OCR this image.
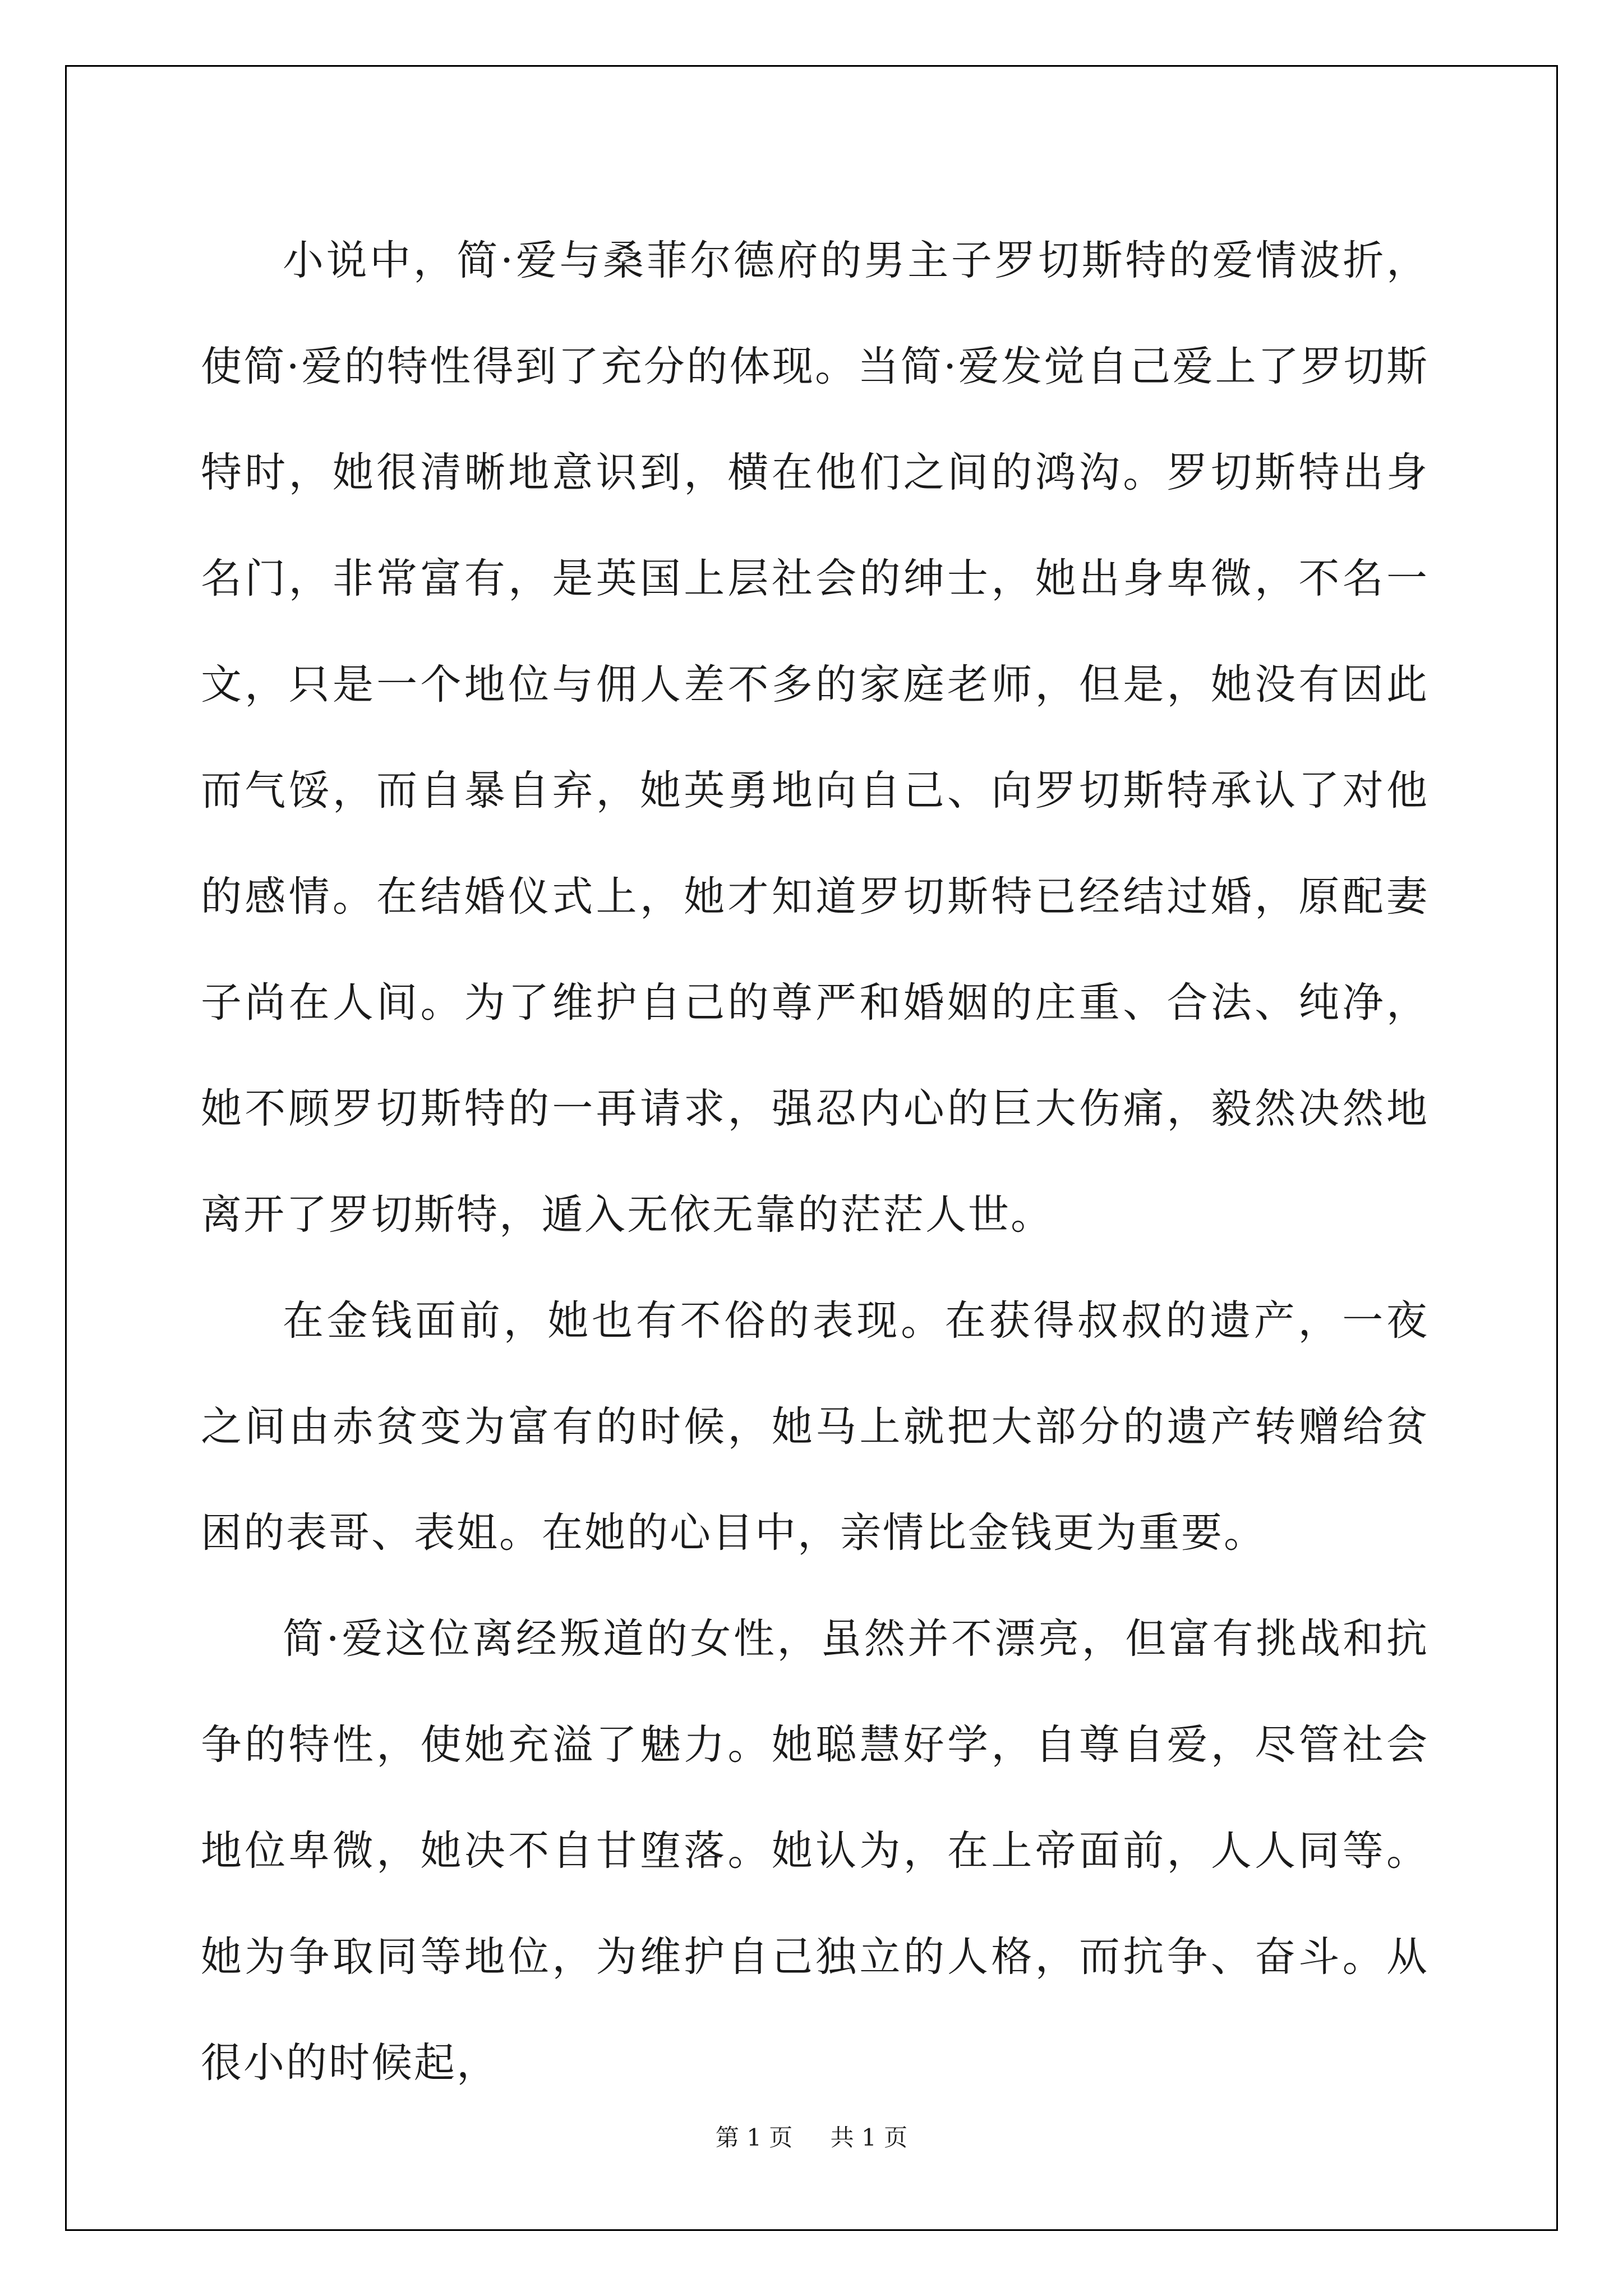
小说中，简·爱与桑菲尔德府的男主子罗切斯特的爱情波折，使简·爱的特性得到了充分的体现。当简·爱发觉自己爱上了罗切斯特时，她很清晰地意识到，横在他们之间的鸿沟。罗切斯特出身名门，非常富有，是英国上层社会的绅士，她出身卑微，不名一文，只是一个地位与佣人差不多的家庭老师，但是，她没有因此而气馁，而自暴自弃，她英勇地向自己、向罗切斯特承认了对他的感情。在结婚仪式上，她才知道罗切斯特已经结过婚，原配妻子尚在人间。为了维护自己的尊严和婚姻的庄重、合法、纯净，她不顾罗切斯特的一再请求，强忍内心的巨大伤痛，毅然决然地离开了罗切斯特，遁入无依无靠的茫茫人世。

在金钱面前，她也有不俗的表现。在获得叔叔的遗产，一夜之间由赤贫变为富有的时候，她马上就把大部分的遗产转赠给贫困的表哥、表姐。在她的心目中，亲情比金钱更为重要。

简·爱这位离经叛道的女性，虽然并不漂亮，但富有挑战和抗争的特性，使她充溢了魅力。她聪慧好学，自尊自爱，尽管社会地位卑微，她决不自甘堕落。她认为，在上帝面前，人人同等。她为争取同等地位，为维护自己独立的人格，而抗争、奋斗。从很小的时候起，

第 1 页 共 1 页
